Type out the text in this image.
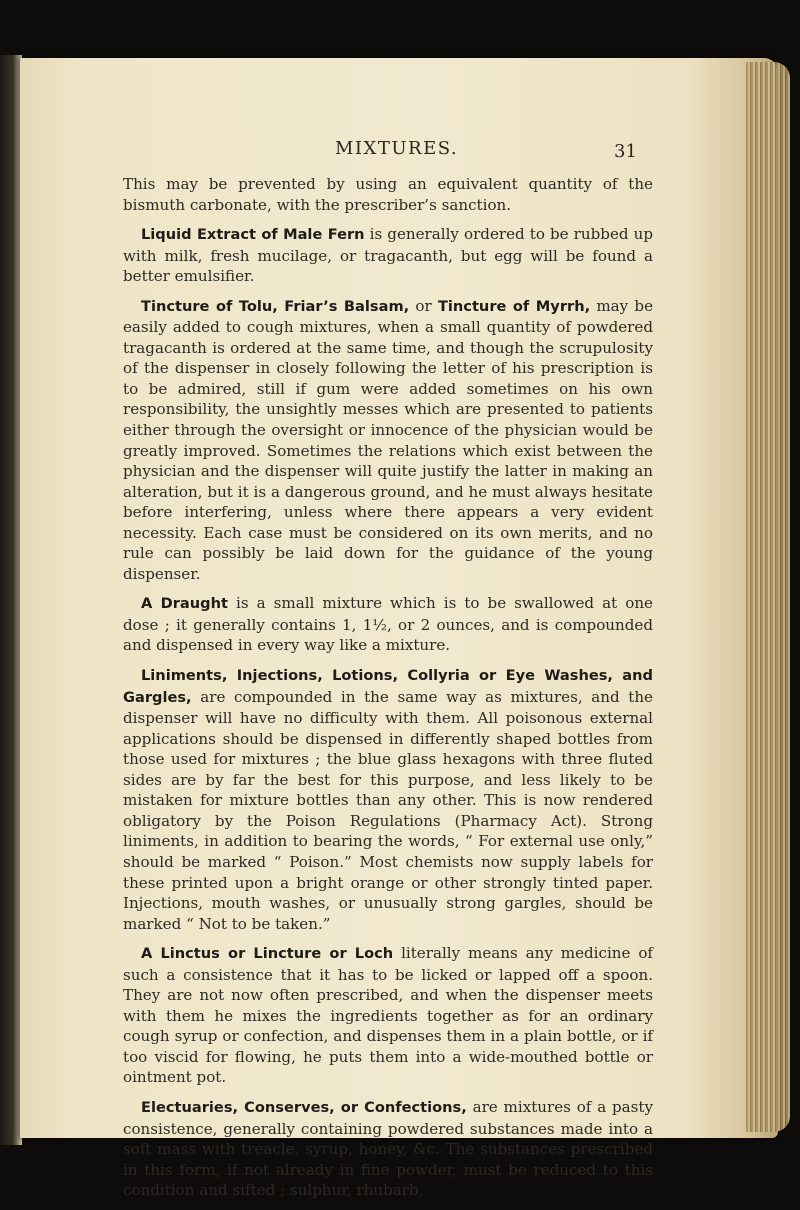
MIXTURES.	31

This may be prevented by using an equivalent quantity of the bismuth carbonate, with the prescriber’s sanction.

Liquid Extract of Male Fern is generally ordered to be rubbed up with milk, fresh mucilage, or tragacanth, but egg will be found a better emulsifier.

Tincture of Tolu, Friar’s Balsam, or Tincture of Myrrh, may be easily added to cough mixtures, when a small quantity of powdered tragacanth is ordered at the same time, and though the scrupulosity of the dispenser in closely following the letter of his prescription is to be admired, still if gum were added sometimes on his own responsibility, the unsightly messes which are presented to patients either through the oversight or innocence of the physician would be greatly improved. Sometimes the relations which exist between the physician and the dispenser will quite justify the latter in making an alteration, but it is a dangerous ground, and he must always hesitate before interfering, unless where there appears a very evident necessity. Each case must be considered on its own merits, and no rule can possibly be laid down for the guidance of the young dispenser.

A Draught is a small mixture which is to be swallowed at one dose ; it generally contains 1, 1½, or 2 ounces, and is compounded and dispensed in every way like a mixture.

Liniments, Injections, Lotions, Collyria or Eye Washes, and Gargles, are compounded in the same way as mixtures, and the dispenser will have no difficulty with them. All poisonous external applications should be dispensed in differently shaped bottles from those used for mixtures ; the blue glass hexagons with three fluted sides are by far the best for this purpose, and less likely to be mistaken for mixture bottles than any other. This is now rendered obligatory by the Poison Regulations (Pharmacy Act). Strong liniments, in addition to bearing the words, “ For external use only,” should be marked “ Poison.” Most chemists now supply labels for these printed upon a bright orange or other strongly tinted paper. Injections, mouth washes, or unusually strong gargles, should be marked “ Not to be taken.”

A Linctus or Lincture or Loch literally means any medicine of such a consistence that it has to be licked or lapped off a spoon. They are not now often prescribed, and when the dispenser meets with them he mixes the ingredients together as for an ordinary cough syrup or confection, and dispenses them in a plain bottle, or if too viscid for flowing, he puts them into a wide-mouthed bottle or ointment pot.

Electuaries, Conserves, or Confections, are mixtures of a pasty consistence, generally containing powdered substances made into a soft mass with treacle, syrup, honey, &c. The substances prescribed in this form, if not already in fine powder, must be reduced to this condition and sifted ; sulphur, rhubarb,
